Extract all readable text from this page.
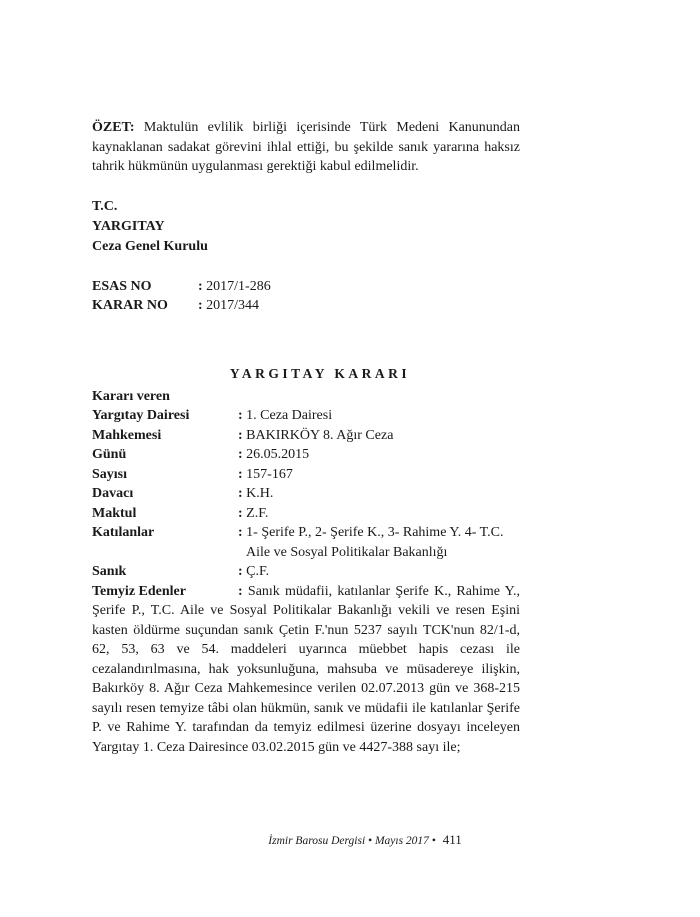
ÖZET: Maktulün evlilik birliği içerisinde Türk Medeni Kanunundan kaynaklanan sadakat görevini ihlal ettiği, bu şekilde sanık yararına haksız tahrik hükmünün uygulanması gerektiği kabul edilmelidir.

T.C.
YARGITAY
Ceza Genel Kurulu
ESAS NO	: 2017/1-286
KARAR NO	: 2017/344
YARGITAY KARARI
Kararı veren
Yargıtay Dairesi	: 1. Ceza Dairesi
Mahkemesi	: BAKIRKÖY 8. Ağır Ceza
Günü	: 26.05.2015
Sayısı	: 157-167
Davacı	: K.H.
Maktul	: Z.F.
Katılanlar	: 1- Şerife P., 2- Şerife K., 3- Rahime Y. 4- T.C.
Aile ve Sosyal Politikalar Bakanlığı
Sanık	: Ç.F.

Temyiz Edenler	: Sanık müdafii, katılanlar Şerife K., Rahime Y., Şerife P., T.C. Aile ve Sosyal Politikalar Bakanlığı vekili ve resen Eşini kasten öldürme suçundan sanık Çetin F.'nun 5237 sayılı TCK'nun 82/1-d, 62, 53, 63 ve 54. maddeleri uyarınca müebbet hapis cezası ile cezalandırılmasına, hak yoksunluğuna, mahsuba ve müsadereye ilişkin, Bakırköy 8. Ağır Ceza Mahkemesince verilen 02.07.2013 gün ve 368-215 sayılı resen temyize tâbi olan hükmün, sanık ve müdafii ile katılanlar Şerife P. ve Rahime Y. tarafından da temyiz edilmesi üzerine dosyayı inceleyen Yargıtay 1. Ceza Dairesince 03.02.2015 gün ve 4427-388 sayı ile;

İzmir Barosu Dergisi • Mayıs 2017 • 411
